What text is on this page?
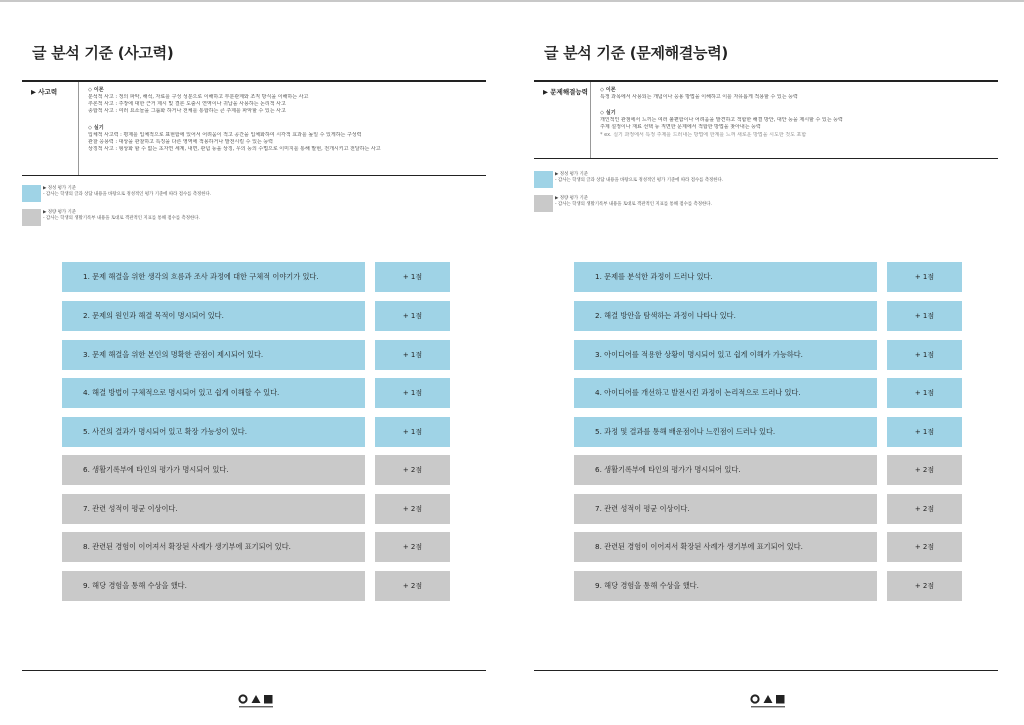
글 분석 기준 (사고력)
▶ 사고력	◇ 이론
분석적 사고 : 정의 파악, 해석, 자료를 구성 성분으로 이해하고 부분관계와 조직 방식을 이해하는 사고
추론적 사고 : 주장에 대한 근거 제시 및 결론 도출시 연역이나 귀납을 사용하는 논리적 사고
종합적 사고 : 여러 요소들을 그룹화 하거나 전체를 통합하는 큰 주제를 파악할 수 있는 사고
◇ 실기
입체적 사고력 : 평제를 입체적으로 표현함에 있어서 어려움이 적고 공간을 입체화하여 시각적 효과를 높일 수 있게하는 구성력
관찰 응용력 : 대상을 관찰하고 특징을 다른 영역에 적용하거나 발전시킬 수 있는 능력
상징적 사고 : 형상화 할 수 없는 초자연 세계, 내면, 관념 등을 상징, 우의 등의 수법으로 이미지를 통해 발현, 전개시키고 전달하는 사고
▶ 정성 평가 기준
- 감사는 학생의 글과 상담 내용을 바탕으로 정성적인 평가 기준에 따라 점수를 측정한다.
▶ 정량 평가 기준
- 감사는 학생의 생활기록부 내용을 토대로 객관적인 지표를 통해 점수를 측정한다.
1. 문제 해결을 위한 생각의 흐름과 조사 과정에 대한 구체적 이야기가 있다.	+ 1점
2. 문제의 원인과 해결 목적이 명시되어 있다.	+ 1점
3. 문제 해결을 위한 본인의 명확한 관점이 제시되어 있다.	+ 1점
4. 해결 방법이 구체적으로 명시되어 있고 쉽게 이해할 수 있다.	+ 1점
5. 사건의 결과가 명시되어 있고 확장 가능성이 있다.	+ 1점
6. 생활기록부에 타인의 평가가 명시되어 있다.	+ 2점
7. 관련 성적이 평균 이상이다.	+ 2점
8. 관련된 경험이 이어져서 확장된 사례가 생기부에 표기되어 있다.	+ 2점
9. 해당 경험을 통해 수상을 했다.	+ 2점
글 분석 기준 (문제해결능력)
▶ 문제해결능력	◇ 이론
특정 과목에서 사용되는 개념이나 응용 방법을 이해하고 이를 자유롭게 적용할 수 있는 능력
◇ 실기
개인적인 관점에서 느끼는 여러 불편함이나 어려움을 발견하고 적합한 해결 방안, 대안 등을 제시할 수 있는 능력
주제 설정이나 재료 선택 등 직면한 문제에서 적합한 방법을 찾아내는 능력
* ex. 실기 과정에서 특정 주제를 드러내는 방법에 한계를 느껴 새로운 방법을 시도한 것도 포함
▶ 정성 평가 기준
- 감사는 학생의 글과 상담 내용을 바탕으로 정성적인 평가 기준에 따라 점수를 측정한다.
▶ 정량 평가 기준
- 감사는 학생의 생활기록부 내용을 토대로 객관적인 지표를 통해 점수를 측정한다.
1. 문제를 분석한 과정이 드러나 있다.	+ 1점
2. 해결 방안을 탐색하는 과정이 나타나 있다.	+ 1점
3. 아이디어를 적용한 상황이 명시되어 있고 쉽게 이해가 가능하다.	+ 1점
4. 아이디어를 개선하고 발전시킨 과정이 논리적으로 드러나 있다.	+ 1점
5. 과정 및 결과를 통해 배운점이나 느낀점이 드러나 있다.	+ 1점
6. 생활기록부에 타인의 평가가 명시되어 있다.	+ 2점
7. 관련 성적이 평균 이상이다.	+ 2점
8. 관련된 경험이 이어져서 확장된 사례가 생기부에 표기되어 있다.	+ 2점
9. 해당 경험을 통해 수상을 했다.	+ 2점
